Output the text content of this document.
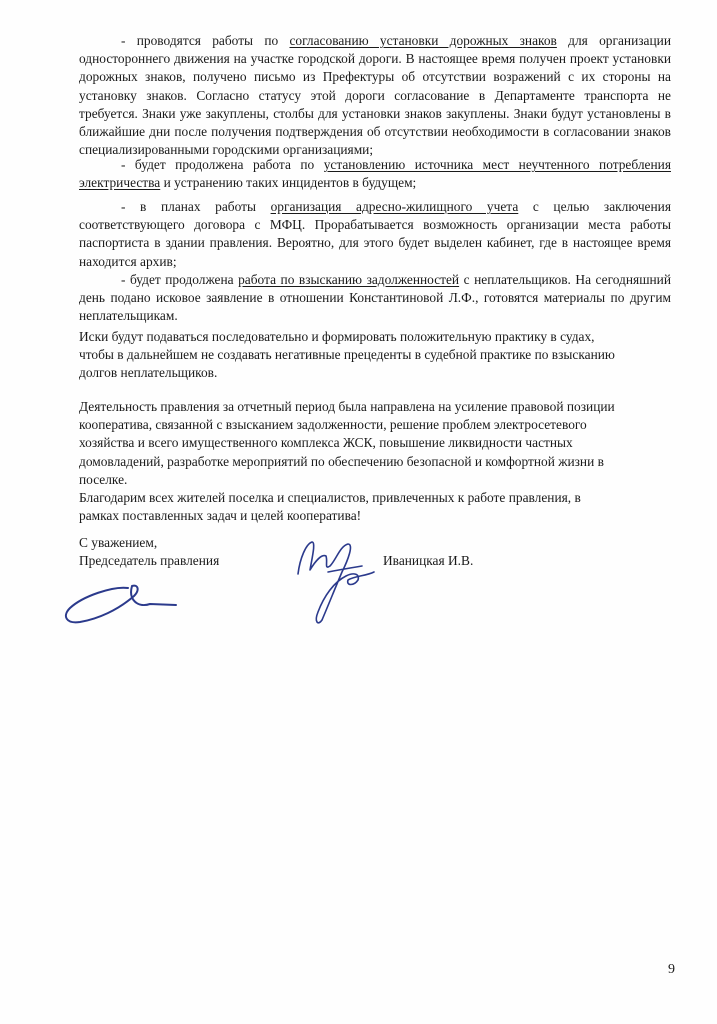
- проводятся работы по согласованию установки дорожных знаков для организации одностороннего движения на участке городской дороги. В настоящее время получен проект установки дорожных знаков, получено письмо из Префектуры об отсутствии возражений с их стороны на установку знаков. Согласно статусу этой дороги согласование в Департаменте транспорта не требуется. Знаки уже закуплены, столбы для установки знаков закуплены. Знаки будут установлены в ближайшие дни после получения подтверждения об отсутствии необходимости в согласовании знаков специализированными городскими организациями;
- будет продолжена работа по установлению источника мест неучтенного потребления электричества и устранению таких инцидентов в будущем;
- в планах работы организация адресно-жилищного учета с целью заключения соответствующего договора с МФЦ. Прорабатывается возможность организации места работы паспортиста в здании правления. Вероятно, для этого будет выделен кабинет, где в настоящее время находится архив;
- будет продолжена работа по взысканию задолженностей с неплательщиков. На сегодняшний день подано исковое заявление в отношении Константиновой Л.Ф., готовятся материалы по другим неплательщикам.
Иски будут подаваться последовательно и формировать положительную практику в судах,
чтобы в дальнейшем не создавать негативные прецеденты в судебной практике по взысканию
долгов неплательщиков.
Деятельность правления за отчетный период была направлена на усиление правовой позиции
кооператива, связанной с взысканием задолженности, решение проблем электросетевого
хозяйства и всего имущественного комплекса ЖСК, повышение ликвидности частных
домовладений, разработке мероприятий по обеспечению безопасной и комфортной жизни в
поселке.
Благодарим всех жителей поселка и специалистов, привлеченных к работе правления, в
рамках поставленных задач и целей кооператива!
С уважением,
Председатель правления	Иваницкая И.В.
9
